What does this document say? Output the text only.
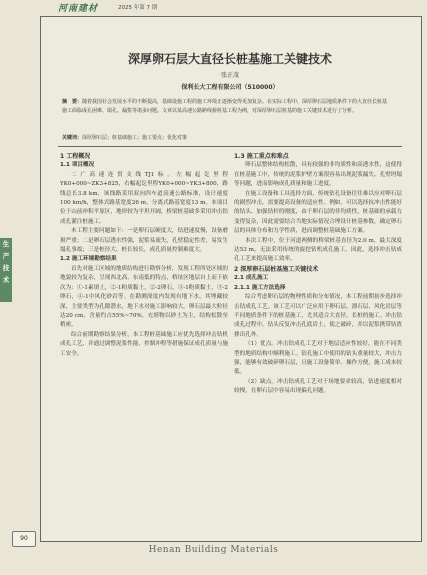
河南建材	2025 年第 7 期
生
产
技
术
深厚卵石层大直径长桩基施工关键技术
张正茂
保利长大工程有限公司（510000）
摘　要：随着我国社会发展水平的不断提高，基础设施工程的施工环境正逐渐变得更加复杂。在实际工程中，深厚卵石层地质条件下的大直径长桩基施工面临成孔困难、塌孔、漏浆等诸多问题。文章以某高速公路跨线桥桩基工程为例，对深厚卵石层桩基的施工关键技术进行了分析。
关键词：深厚卵石层；桩基础施工；施工要点；优化对策
1 工程概况
1.1 项目概况

二广高速连贯支线TJ1标，左幅起讫里程YK0+000~ZK3+825，右幅起讫里程YK0+000~YK3+800，路线总长3.8 km，该线路采用双向四车道高速公路标准，设计速度100 km/h，整体式路基宽度26 m，分离式路基宽度13 m。本项目位于山前冲积平原区，地形较为平坦开阔，桥梁桩基础多采用冲击钻成孔灌注桩施工。

本工程主要问题如下：一是卵石层硬度大，钻进速度慢，设备磨损严重；二是卵石层透水性强，泥浆易流失，孔壁稳定性差，易发生塌孔事故；三是桩径大、桩长较长，成孔质量控制难度大。

1.2 施工环境勘察结果

首先对施工区域的地质结构进行勘察分析，发现工程所处区域的地貌较为复杂，呈现西北高、东南低的特点，桥址区地层自上而下依次为：①-1素填土，②-1粉质黏土，②-2卵石，③-1粉质黏土，③-2卵石，④-1中风化砂岩等。在勘测深度内发现有地下水，其埋藏较深，主要类型为孔隙潜水，地下水对施工影响较大。卵石层最大粒径达20 cm，含量约占55%~70%，充填物以砂土为主，结构松散至稍密。

综合前期勘察结果分析，本工程桩基础施工应优先选择冲击钻机成孔工艺，并通过调整泥浆性能、控制冲程等措施保证成孔质量与施工安全。

1.3 施工重点和难点

卵石层整体结构松散，具有较强的非均质性和高透水性，这使得在桩基施工中，传统的泥浆护壁方案很容易出现泥浆漏失、孔壁坍塌等问题，进而影响成孔质量和施工进度。

在施工设备和工具选择方面，传统钻孔设备往往难以应对卵石层的剧烈冲击，需要提高设备的适应性。例如，可以选择抗冲击性能好的钻头、加强钻杆的刚度，由于卵石层的非均质性，桩基础的承载力变得复杂，因此需要结合当地实际情况合理设计桩基参数，确定卵石层的具体分布和力学性质，进而调整桩基础施工方案。

本次工程中，位于河道两侧的桥梁桩基直径为2.0 m，最大深度达53 m，无法采用传统的旋挖钻机成孔施工，因此，选择冲击钻成孔工艺来提高施工效率。

2 深厚卵石层桩基施工关键技术
2.1 成孔施工
2.1.1 施工方法选择

综合考虑卵石层的物理性质和分布情况，本工程前期初步选择冲击钻成孔工艺。该工艺可以广泛应用于卵石层、漂石层、风化岩层等不同地质条件下的桩基施工，尤其适合大直径、长桩的施工。冲击钻成孔过程中，钻头反复冲击孔底岩土，使之破碎，并以泥浆携带钻渣排出孔外。

（1）优点。冲击钻成孔工艺对于地层适应性较好，能在不同类型的地质结构中顺利施工。钻孔施工中使用的钻头重量较大，冲击力强，能够有效破碎卵石层，且施工设备简单、操作方便，施工成本较低。

（2）缺点。冲击钻成孔工艺对于场地要求较高，钻进速度相对较慢，在卵石层中容易出现偏孔问题。

90
Henan Building Materials
